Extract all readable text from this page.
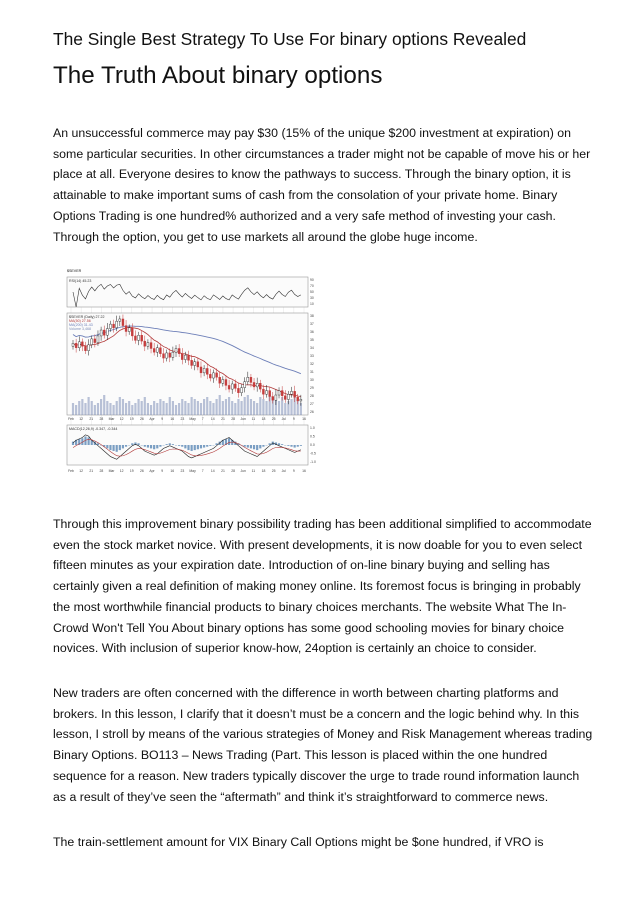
The Single Best Strategy To Use For binary options Revealed
The Truth About binary options

An unsuccessful commerce may pay $30 (15% of the unique $200 investment at expiration) on some particular securities. In other circumstances a trader might not be capable of move his or her place at all. Everyone desires to know the pathways to success. Through the binary option, it is attainable to make important sums of cash from the consolation of your private home. Binary Options Trading is one hundred% authorized and a very safe method of investing your cash. Through the option, you get to use markets all around the globe huge income.

Feb
Feb
12
12
21
21
28
28
Mar
Mar
12
12
19
19
26
26
Apr
Apr
9
9
16
16
23
23
May
May
7
7
14
14
21
21
28
28
Jun
Jun
11
11
18
18
25
25
Jul
Jul
9
9
16
16
90
70
50
30
10
38
37
36
35
34
33
32
31
30
29
28
27
26
1.0
0.5
0.0
-0.5
-1.0
$SEVER
RSI(14) 45.23
$SEVER (Daily) 27.22
MA(50) 27.56
MA(200) 31.43
Volume 3,468
MACD(12,26,9) -0.347, -0.344

Through this improvement binary possibility trading has been additional simplified to accommodate even the stock market novice. With present developments, it is now doable for you to even select fifteen minutes as your expiration date. Introduction of on-line binary buying and selling has certainly given a real definition of making money online. Its foremost focus is bringing in probably the most worthwhile financial products to binary choices merchants. The website What The In-Crowd Won't Tell You About binary options has some good schooling movies for binary choice novices. With inclusion of superior know-how, 24option is certainly an choice to consider.

New traders are often concerned with the difference in worth between charting platforms and brokers. In this lesson, I clarify that it doesn’t must be a concern and the logic behind why. In this lesson, I stroll by means of the various strategies of Money and Risk Management whereas trading Binary Options. BO113 – News Trading (Part. This lesson is placed within the one hundred sequence for a reason. New traders typically discover the urge to trade round information launch as a result of they’ve seen the “aftermath” and think it’s straightforward to commerce news.

The train-settlement amount for VIX Binary Call Options might be $one hundred, if VRO is
